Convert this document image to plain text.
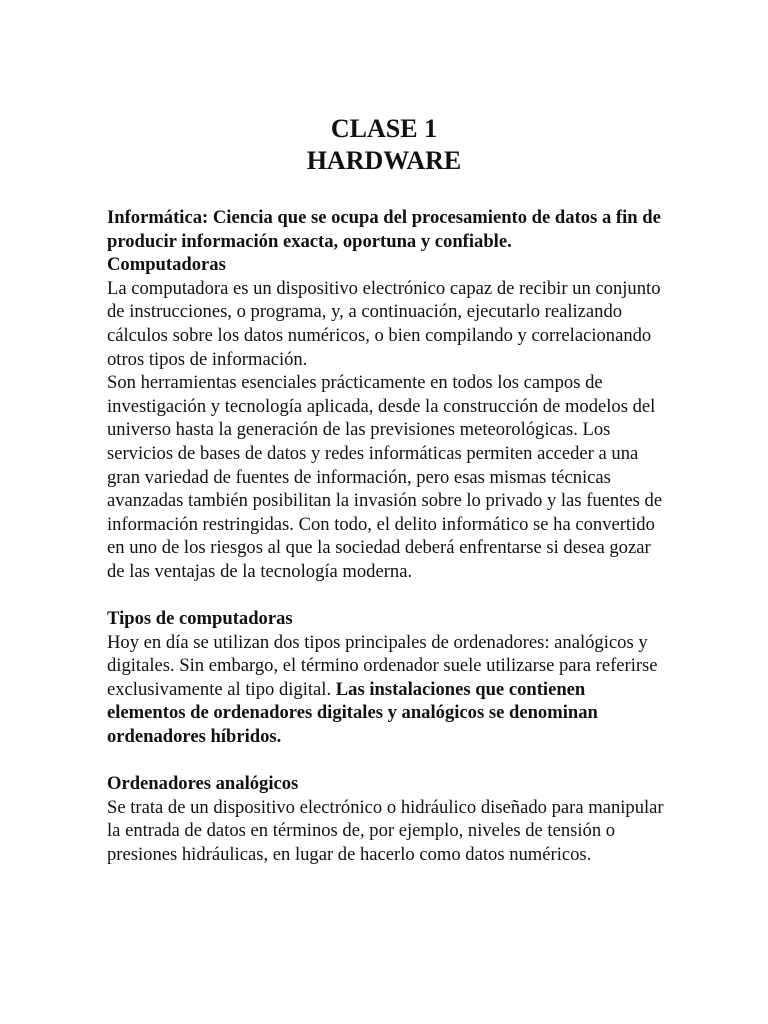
CLASE 1
HARDWARE

Informática: Ciencia que se ocupa del procesamiento de datos a fin de producir información exacta, oportuna y confiable.

Computadoras

La computadora es un dispositivo electrónico capaz de recibir un conjunto de instrucciones, o programa, y, a continuación, ejecutarlo realizando cálculos sobre los datos numéricos, o bien compilando y correlacionando otros tipos de información.

Son herramientas esenciales prácticamente en todos los campos de investigación y tecnología aplicada, desde la construcción de modelos del universo hasta la generación de las previsiones meteorológicas. Los servicios de bases de datos y redes informáticas permiten acceder a una gran variedad de fuentes de información, pero esas mismas técnicas avanzadas también posibilitan la invasión sobre lo privado y las fuentes de información restringidas. Con todo, el delito informático se ha convertido en uno de los riesgos al que la sociedad deberá enfrentarse si desea gozar de las ventajas de la tecnología moderna.

Tipos de computadoras

Hoy en día se utilizan dos tipos principales de ordenadores: analógicos y digitales. Sin embargo, el término ordenador suele utilizarse para referirse exclusivamente al tipo digital. Las instalaciones que contienen elementos de ordenadores digitales y analógicos se denominan ordenadores híbridos.

Ordenadores analógicos

Se trata de un dispositivo electrónico o hidráulico diseñado para manipular la entrada de datos en términos de, por ejemplo, niveles de tensión o presiones hidráulicas, en lugar de hacerlo como datos numéricos.
